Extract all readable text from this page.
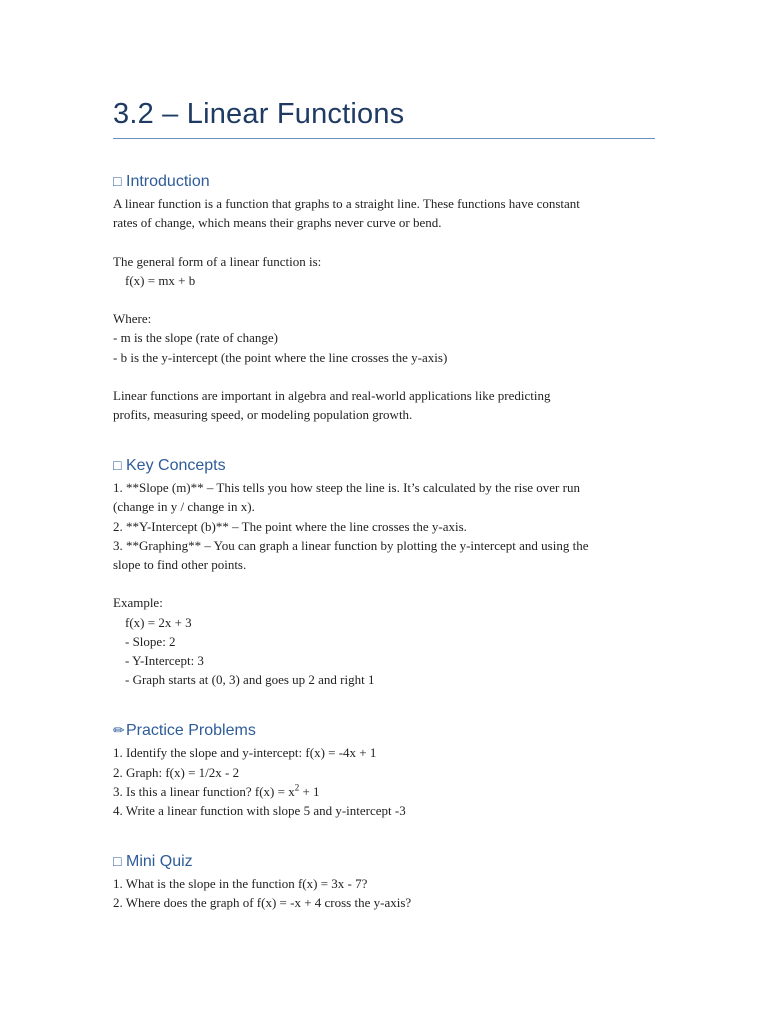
3.2 – Linear Functions
□ Introduction
A linear function is a function that graphs to a straight line. These functions have constant
rates of change, which means their graphs never curve or bend.
The general form of a linear function is:
f(x) = mx + b
Where:
- m is the slope (rate of change)
- b is the y-intercept (the point where the line crosses the y-axis)
Linear functions are important in algebra and real-world applications like predicting
profits, measuring speed, or modeling population growth.
□ Key Concepts
1. **Slope (m)** – This tells you how steep the line is. It’s calculated by the rise over run
(change in y / change in x).
2. **Y-Intercept (b)** – The point where the line crosses the y-axis.
3. **Graphing** – You can graph a linear function by plotting the y-intercept and using the
slope to find other points.
Example:
f(x) = 2x + 3
- Slope: 2
- Y-Intercept: 3
- Graph starts at (0, 3) and goes up 2 and right 1
✏Practice Problems
1. Identify the slope and y-intercept: f(x) = -4x + 1
2. Graph: f(x) = 1/2x - 2
3. Is this a linear function? $f(x) = x^2 + 1$
4. Write a linear function with slope 5 and y-intercept -3
□ Mini Quiz
1. What is the slope in the function f(x) = 3x - 7?
2. Where does the graph of f(x) = -x + 4 cross the y-axis?
